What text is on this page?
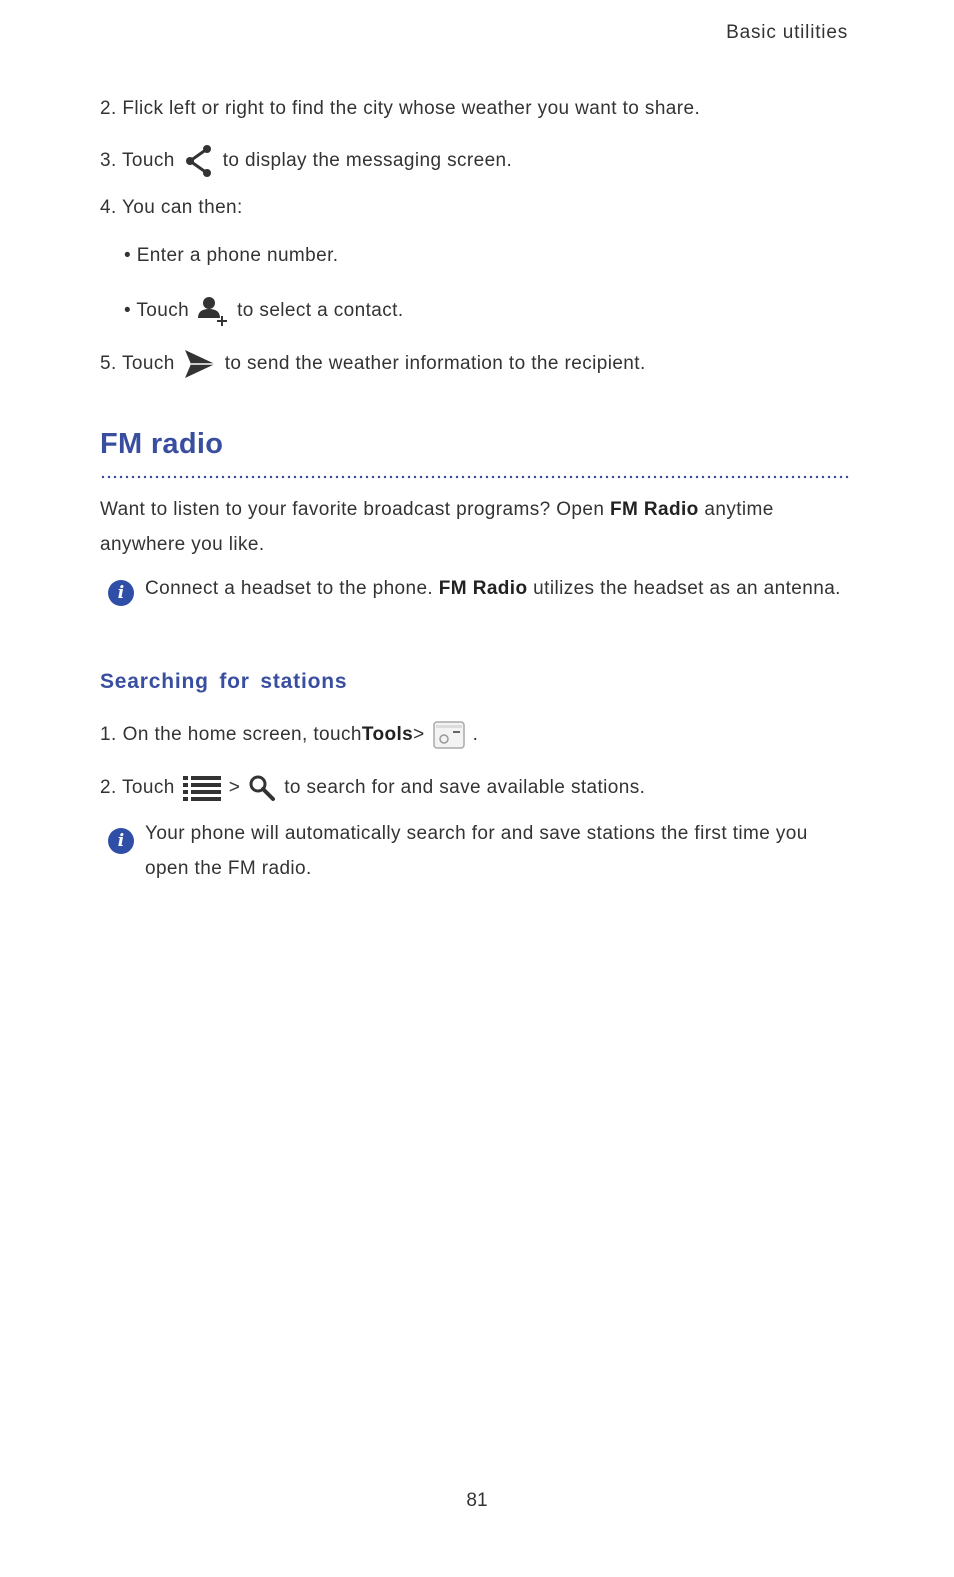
Basic utilities
2. Flick left or right to find the city whose weather you want to share.
3. Touch	to display the messaging screen.
4. You can then:
• Enter a phone number.
• Touch	to select a contact.
5. Touch	to send the weather information to the recipient.
FM radio
Want to listen to your favorite broadcast programs? Open FM Radio anytime anywhere you like.
i	Connect a headset to the phone. FM Radio utilizes the headset as an antenna.
Searching for stations
1. On the home screen, touch Tools >	.
2. Touch	> to search for and save available stations.
i	Your phone will automatically search for and save stations the first time you open the FM radio.
81
